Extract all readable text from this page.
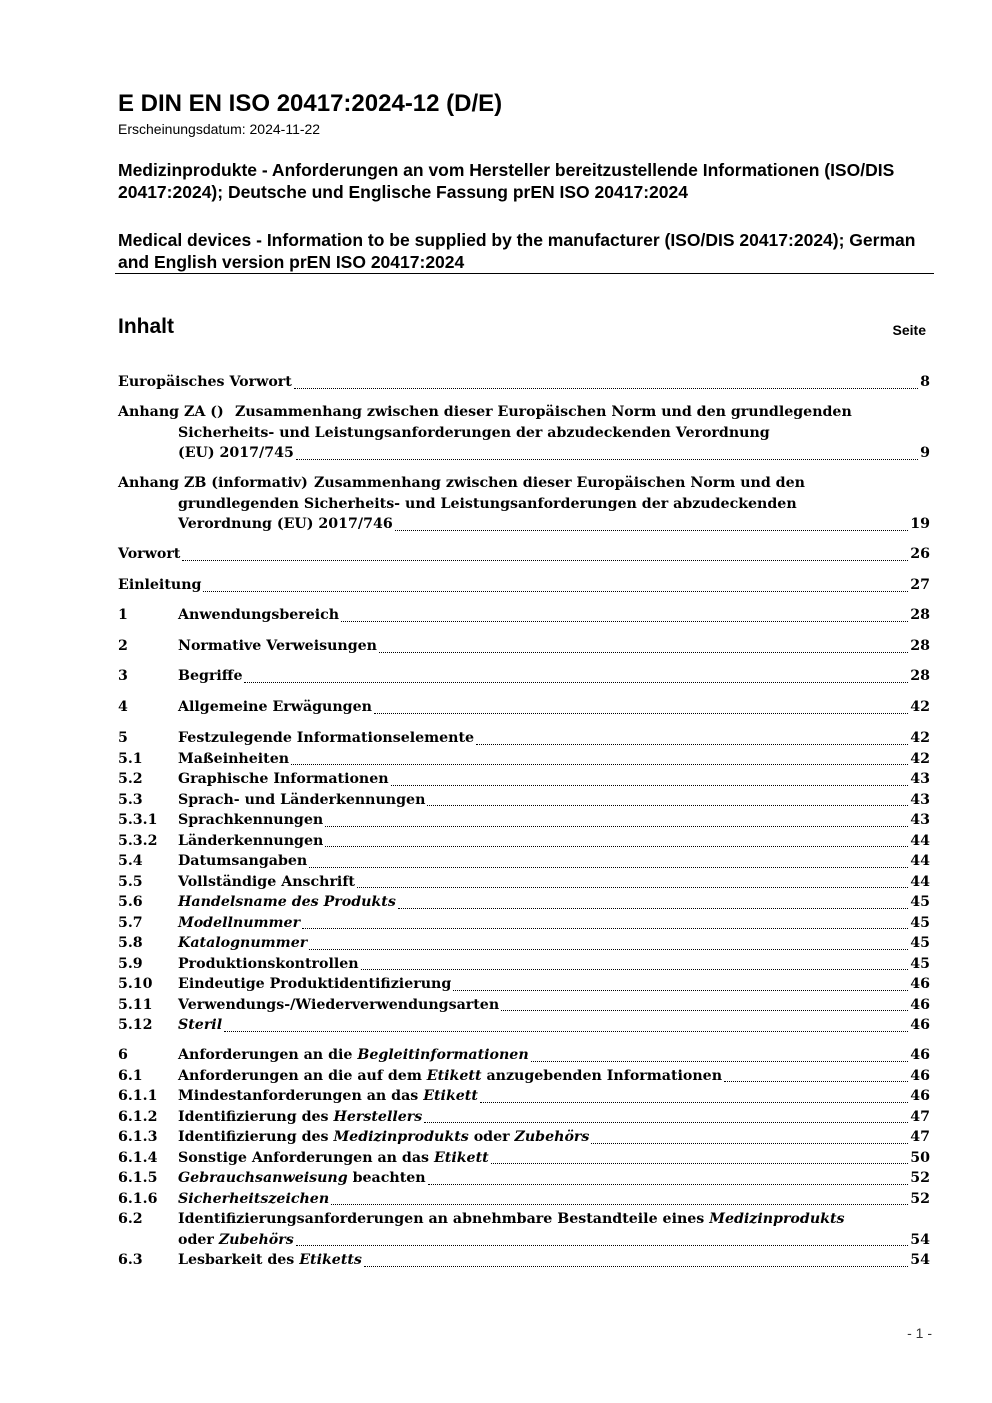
E DIN EN ISO 20417:2024-12 (D/E)
Erscheinungsdatum: 2024-11-22
Medizinprodukte - Anforderungen an vom Hersteller bereitzustellende Informationen (ISO/DIS 20417:2024); Deutsche und Englische Fassung prEN ISO 20417:2024
Medical devices - Information to be supplied by the manufacturer (ISO/DIS 20417:2024); German and English version prEN ISO 20417:2024
Inhalt	Seite
Europäisches Vorwort	8
Anhang ZA () Zusammenhang zwischen dieser Europäischen Norm und den grundlegenden
Sicherheits- und Leistungsanforderungen der abzudeckenden Verordnung
(EU) 2017/745	9
Anhang ZB (informativ) Zusammenhang zwischen dieser Europäischen Norm und den
grundlegenden Sicherheits- und Leistungsanforderungen der abzudeckenden
Verordnung (EU) 2017/746	19
Vorwort	26
Einleitung	27
1	Anwendungsbereich	28
2	Normative Verweisungen	28
3	Begriffe	28
4	Allgemeine Erwägungen	42
5	Festzulegende Informationselemente	42
5.1 Maßeinheiten	42
5.2 Graphische Informationen	43
5.3 Sprach- und Länderkennungen	43
5.3.1 Sprachkennungen	43
5.3.2 Länderkennungen	44
5.4 Datumsangaben	44
5.5 Vollständige Anschrift	44
5.6 Handelsname des Produkts	45
5.7 Modellnummer	45
5.8 Katalognummer	45
5.9 Produktionskontrollen	45
5.10 Eindeutige Produktidentifizierung	46
5.11 Verwendungs-/Wiederverwendungsarten	46
5.12 Steril	46
6	Anforderungen an die Begleitinformationen	46
6.1 Anforderungen an die auf dem Etikett anzugebenden Informationen	46
6.1.1 Mindestanforderungen an das Etikett	46
6.1.2 Identifizierung des Herstellers	47
6.1.3 Identifizierung des Medizinprodukts oder Zubehörs	47
6.1.4 Sonstige Anforderungen an das Etikett	50
6.1.5 Gebrauchsanweisung beachten	52
6.1.6 Sicherheitszeichen	52
6.2 Identifizierungsanforderungen an abnehmbare Bestandteile eines Medizinprodukts
oder Zubehörs	54
6.3 Lesbarkeit des Etiketts	54
- 1 -
